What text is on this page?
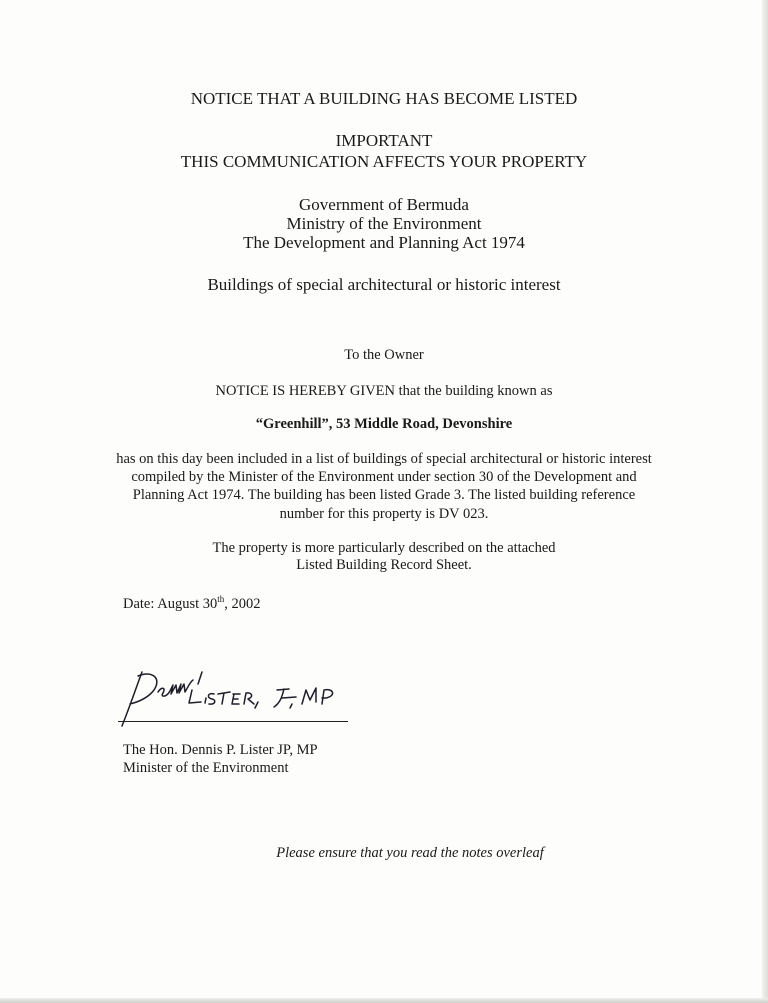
NOTICE THAT A BUILDING HAS BECOME LISTED
IMPORTANT
THIS COMMUNICATION AFFECTS YOUR PROPERTY
Government of Bermuda
Ministry of the Environment
The Development and Planning Act 1974
Buildings of special architectural or historic interest
To the Owner
NOTICE IS HEREBY GIVEN that the building known as
“Greenhill”, 53 Middle Road, Devonshire
has on this day been included in a list of buildings of special architectural or historic interest
compiled by the Minister of the Environment under section 30 of the Development and
Planning Act 1974. The building has been listed Grade 3. The listed building reference
number for this property is DV 023.
The property is more particularly described on the attached
Listed Building Record Sheet.
Date: August 30th, 2002
The Hon. Dennis P. Lister JP, MP
Minister of the Environment
Please ensure that you read the notes overleaf
